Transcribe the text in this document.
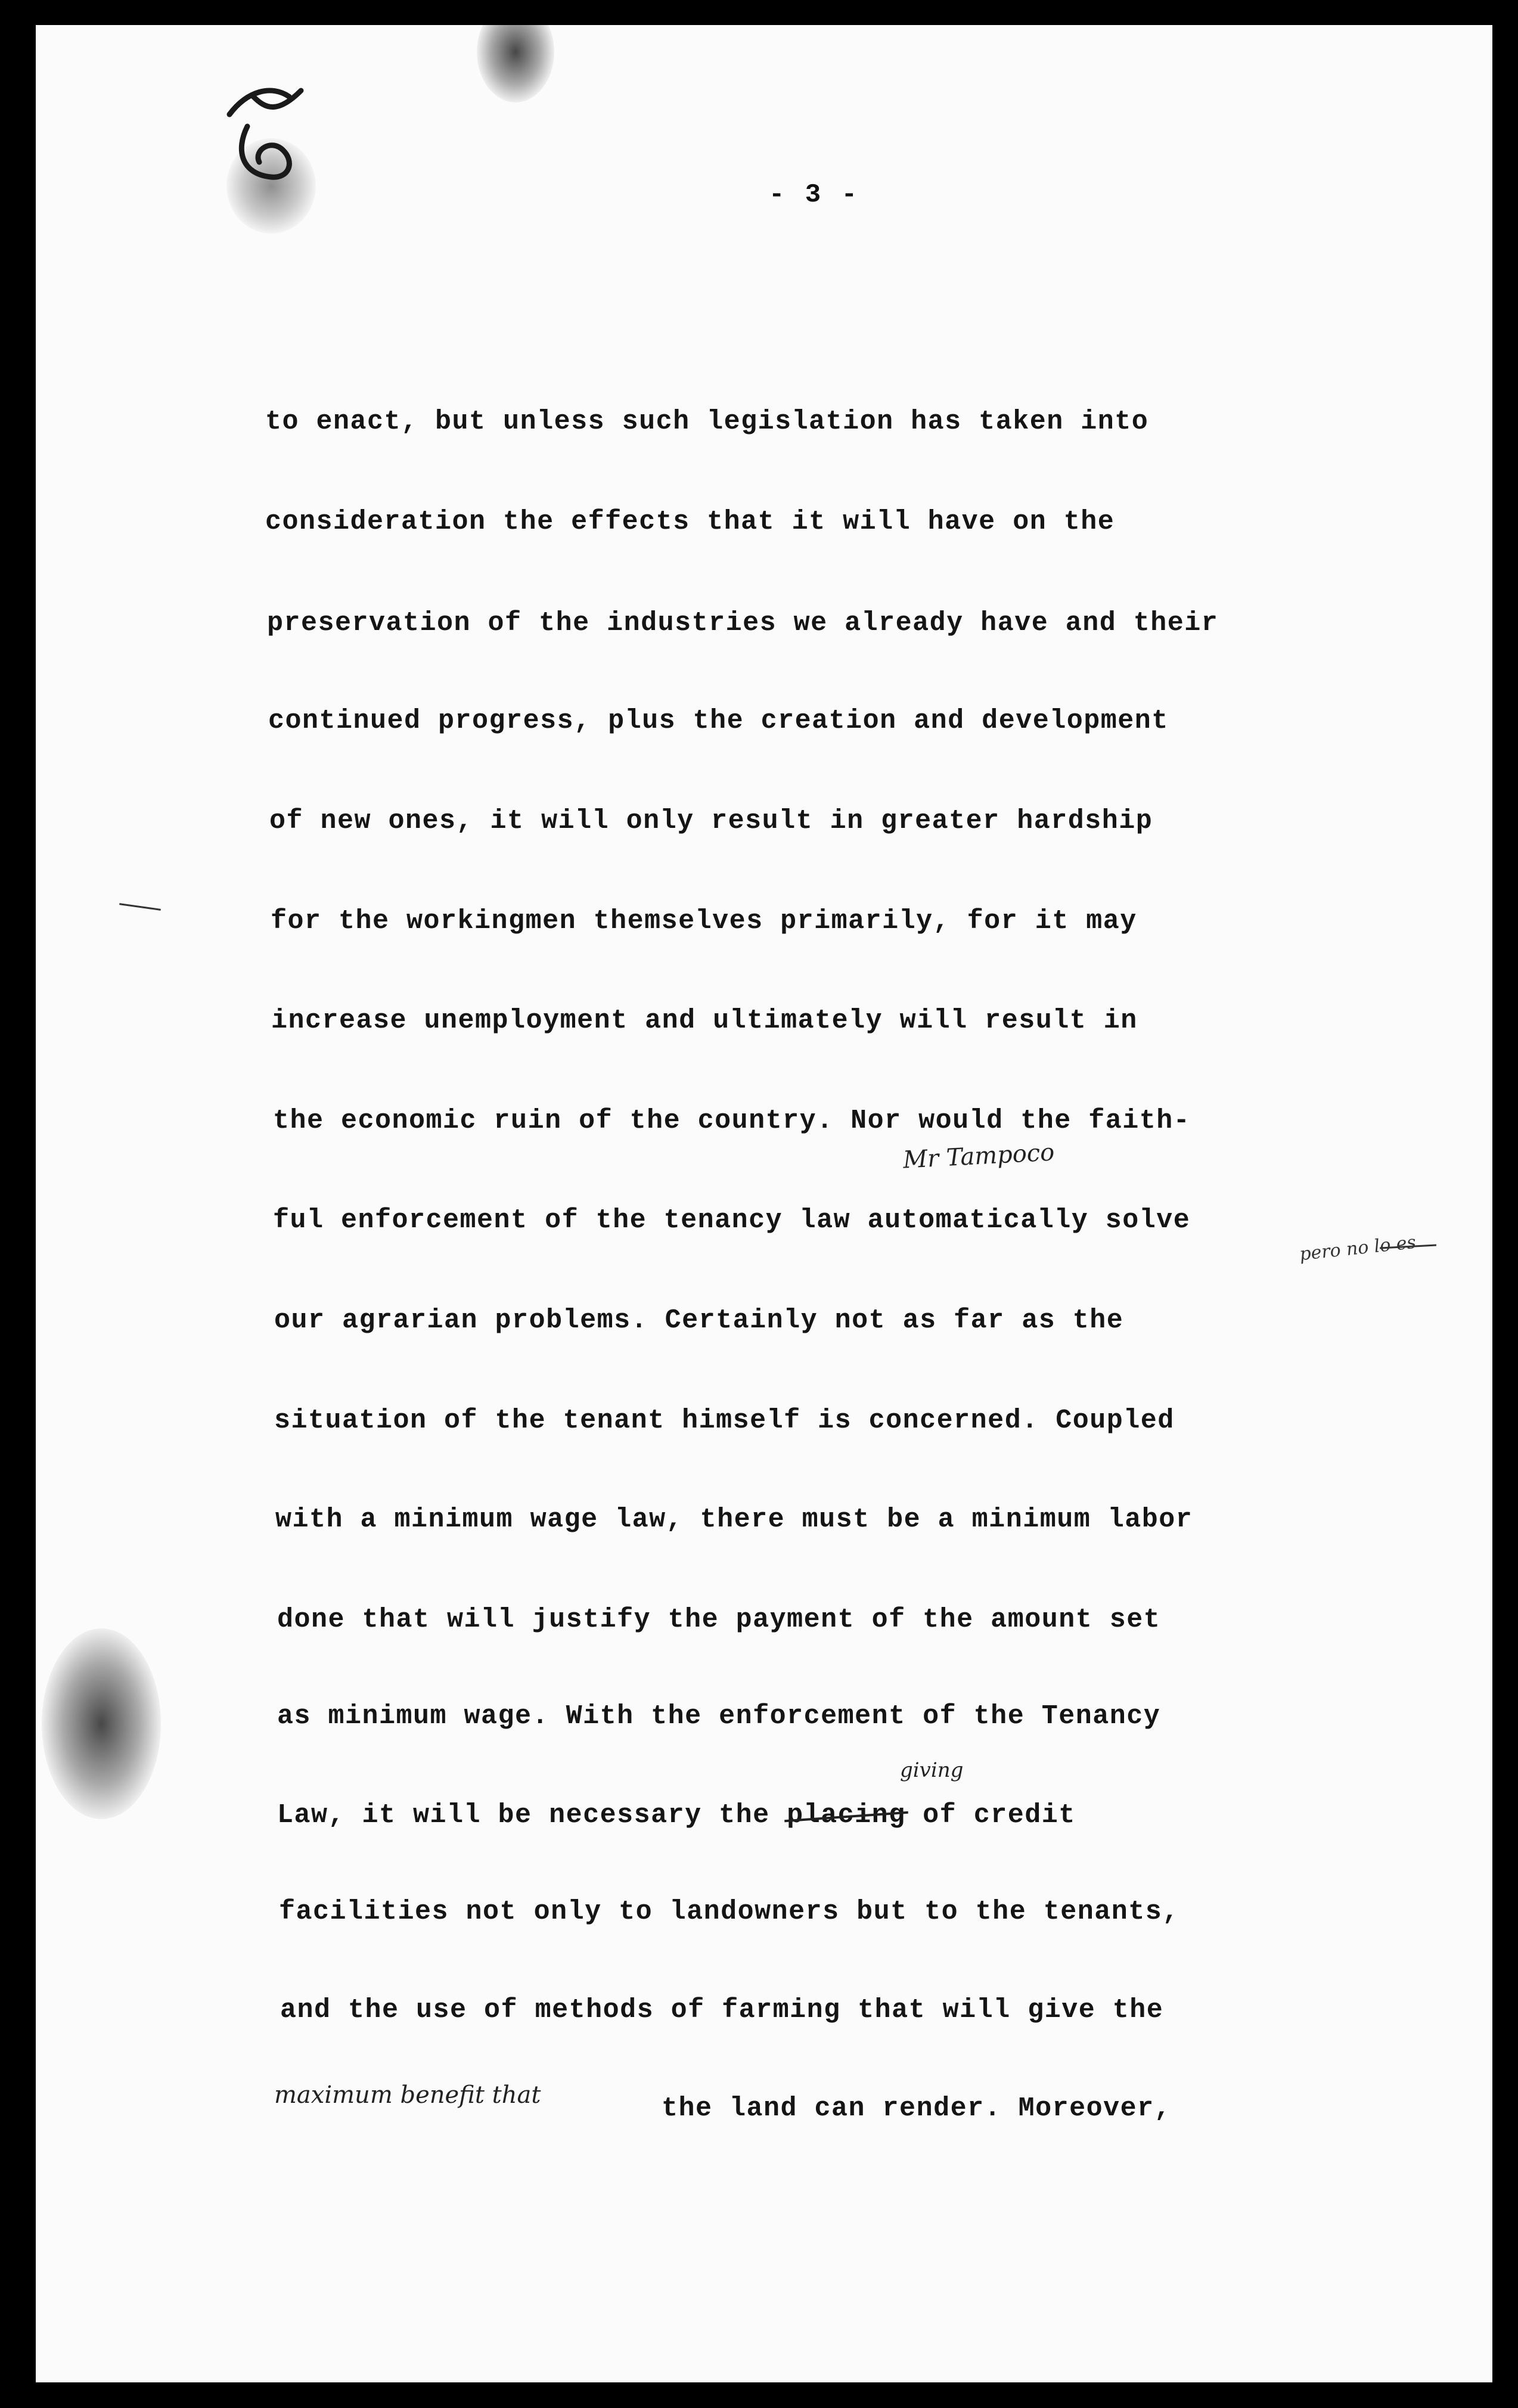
- 3 -
to enact, but unless such legislation has taken into
consideration the effects that it will have on the
preservation of the industries we already have and their
continued progress, plus the creation and development
of new ones, it will only result in greater hardship
for the workingmen themselves primarily, for it may
increase unemployment and ultimately will result in
the economic ruin of the country. Nor would the faith-
ful enforcement of the tenancy law automatically solve
our agrarian problems. Certainly not as far as the
situation of the tenant himself is concerned. Coupled
with a minimum wage law, there must be a minimum labor
done that will justify the payment of the amount set
as minimum wage. With the enforcement of the Tenancy
Law, it will be necessary the placing of credit
facilities not only to landowners but to the tenants,
and the use of methods of farming that will give the
the land can render. Moreover,
Mr Tampoco
pero no lo es
giving
maximum benefit that
